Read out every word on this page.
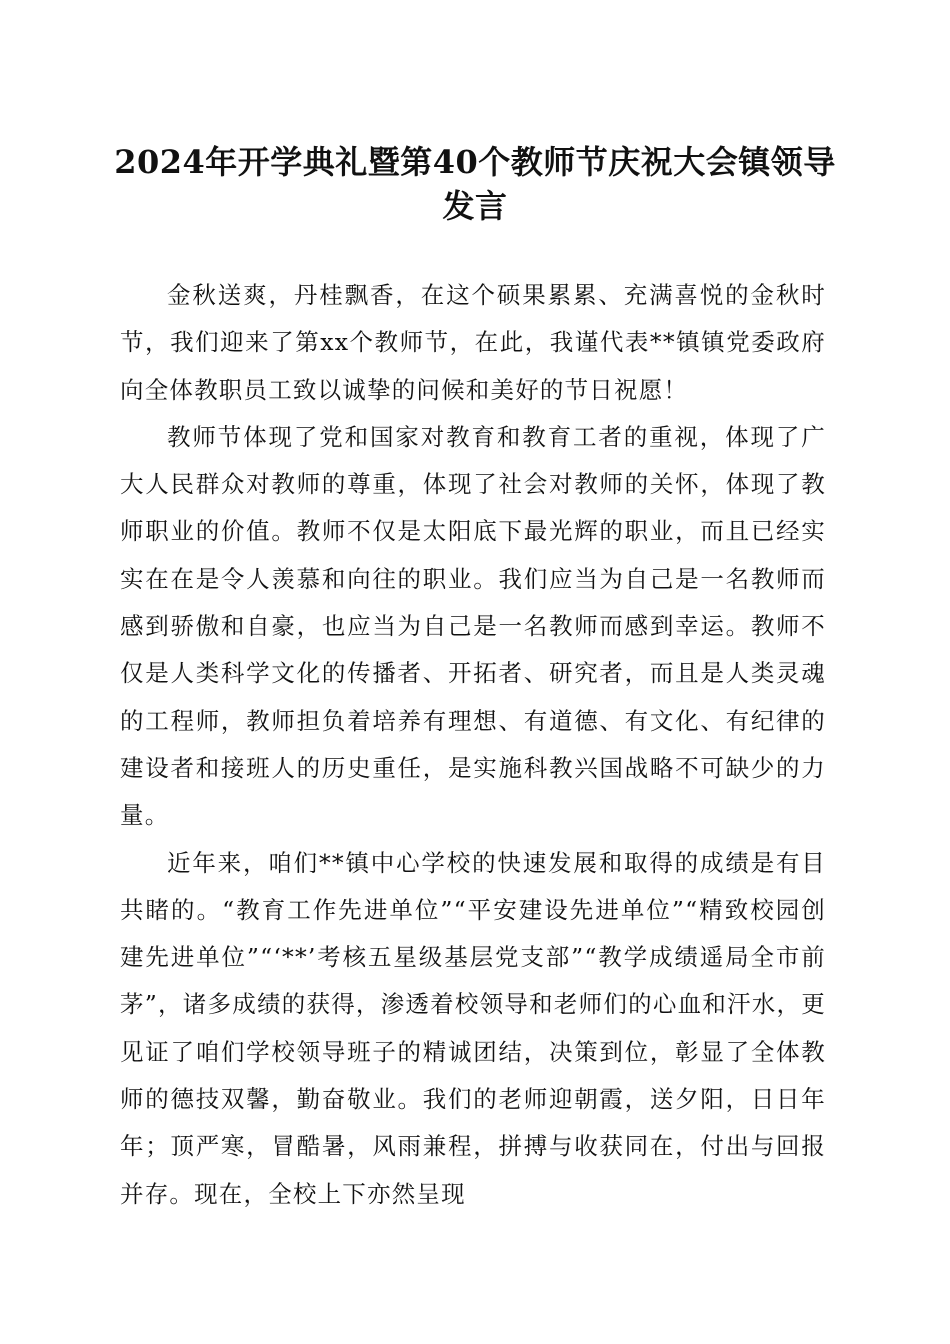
2024年开学典礼暨第40个教师节庆祝大会镇领导发言

金秋送爽，丹桂飘香，在这个硕果累累、充满喜悦的金秋时节，我们迎来了第xx个教师节，在此，我谨代表**镇镇党委政府向全体教职员工致以诚挚的问候和美好的节日祝愿！

教师节体现了党和国家对教育和教育工者的重视，体现了广大人民群众对教师的尊重，体现了社会对教师的关怀，体现了教师职业的价值。教师不仅是太阳底下最光辉的职业，而且已经实实在在是令人羡慕和向往的职业。我们应当为自己是一名教师而感到骄傲和自豪，也应当为自己是一名教师而感到幸运。教师不仅是人类科学文化的传播者、开拓者、研究者，而且是人类灵魂的工程师，教师担负着培养有理想、有道德、有文化、有纪律的建设者和接班人的历史重任，是实施科教兴国战略不可缺少的力量。

近年来，咱们**镇中心学校的快速发展和取得的成绩是有目共睹的。“教育工作先进单位”“平安建设先进单位”“精致校园创建先进单位”“‘**’考核五星级基层党支部”“教学成绩遥局全市前茅”，诸多成绩的获得，渗透着校领导和老师们的心血和汗水，更见证了咱们学校领导班子的精诚团结，决策到位，彰显了全体教师的德技双馨，勤奋敬业。我们的老师迎朝霞，送夕阳，日日年年；顶严寒，冒酷暑，风雨兼程，拼搏与收获同在，付出与回报并存。现在，全校上下亦然呈现
